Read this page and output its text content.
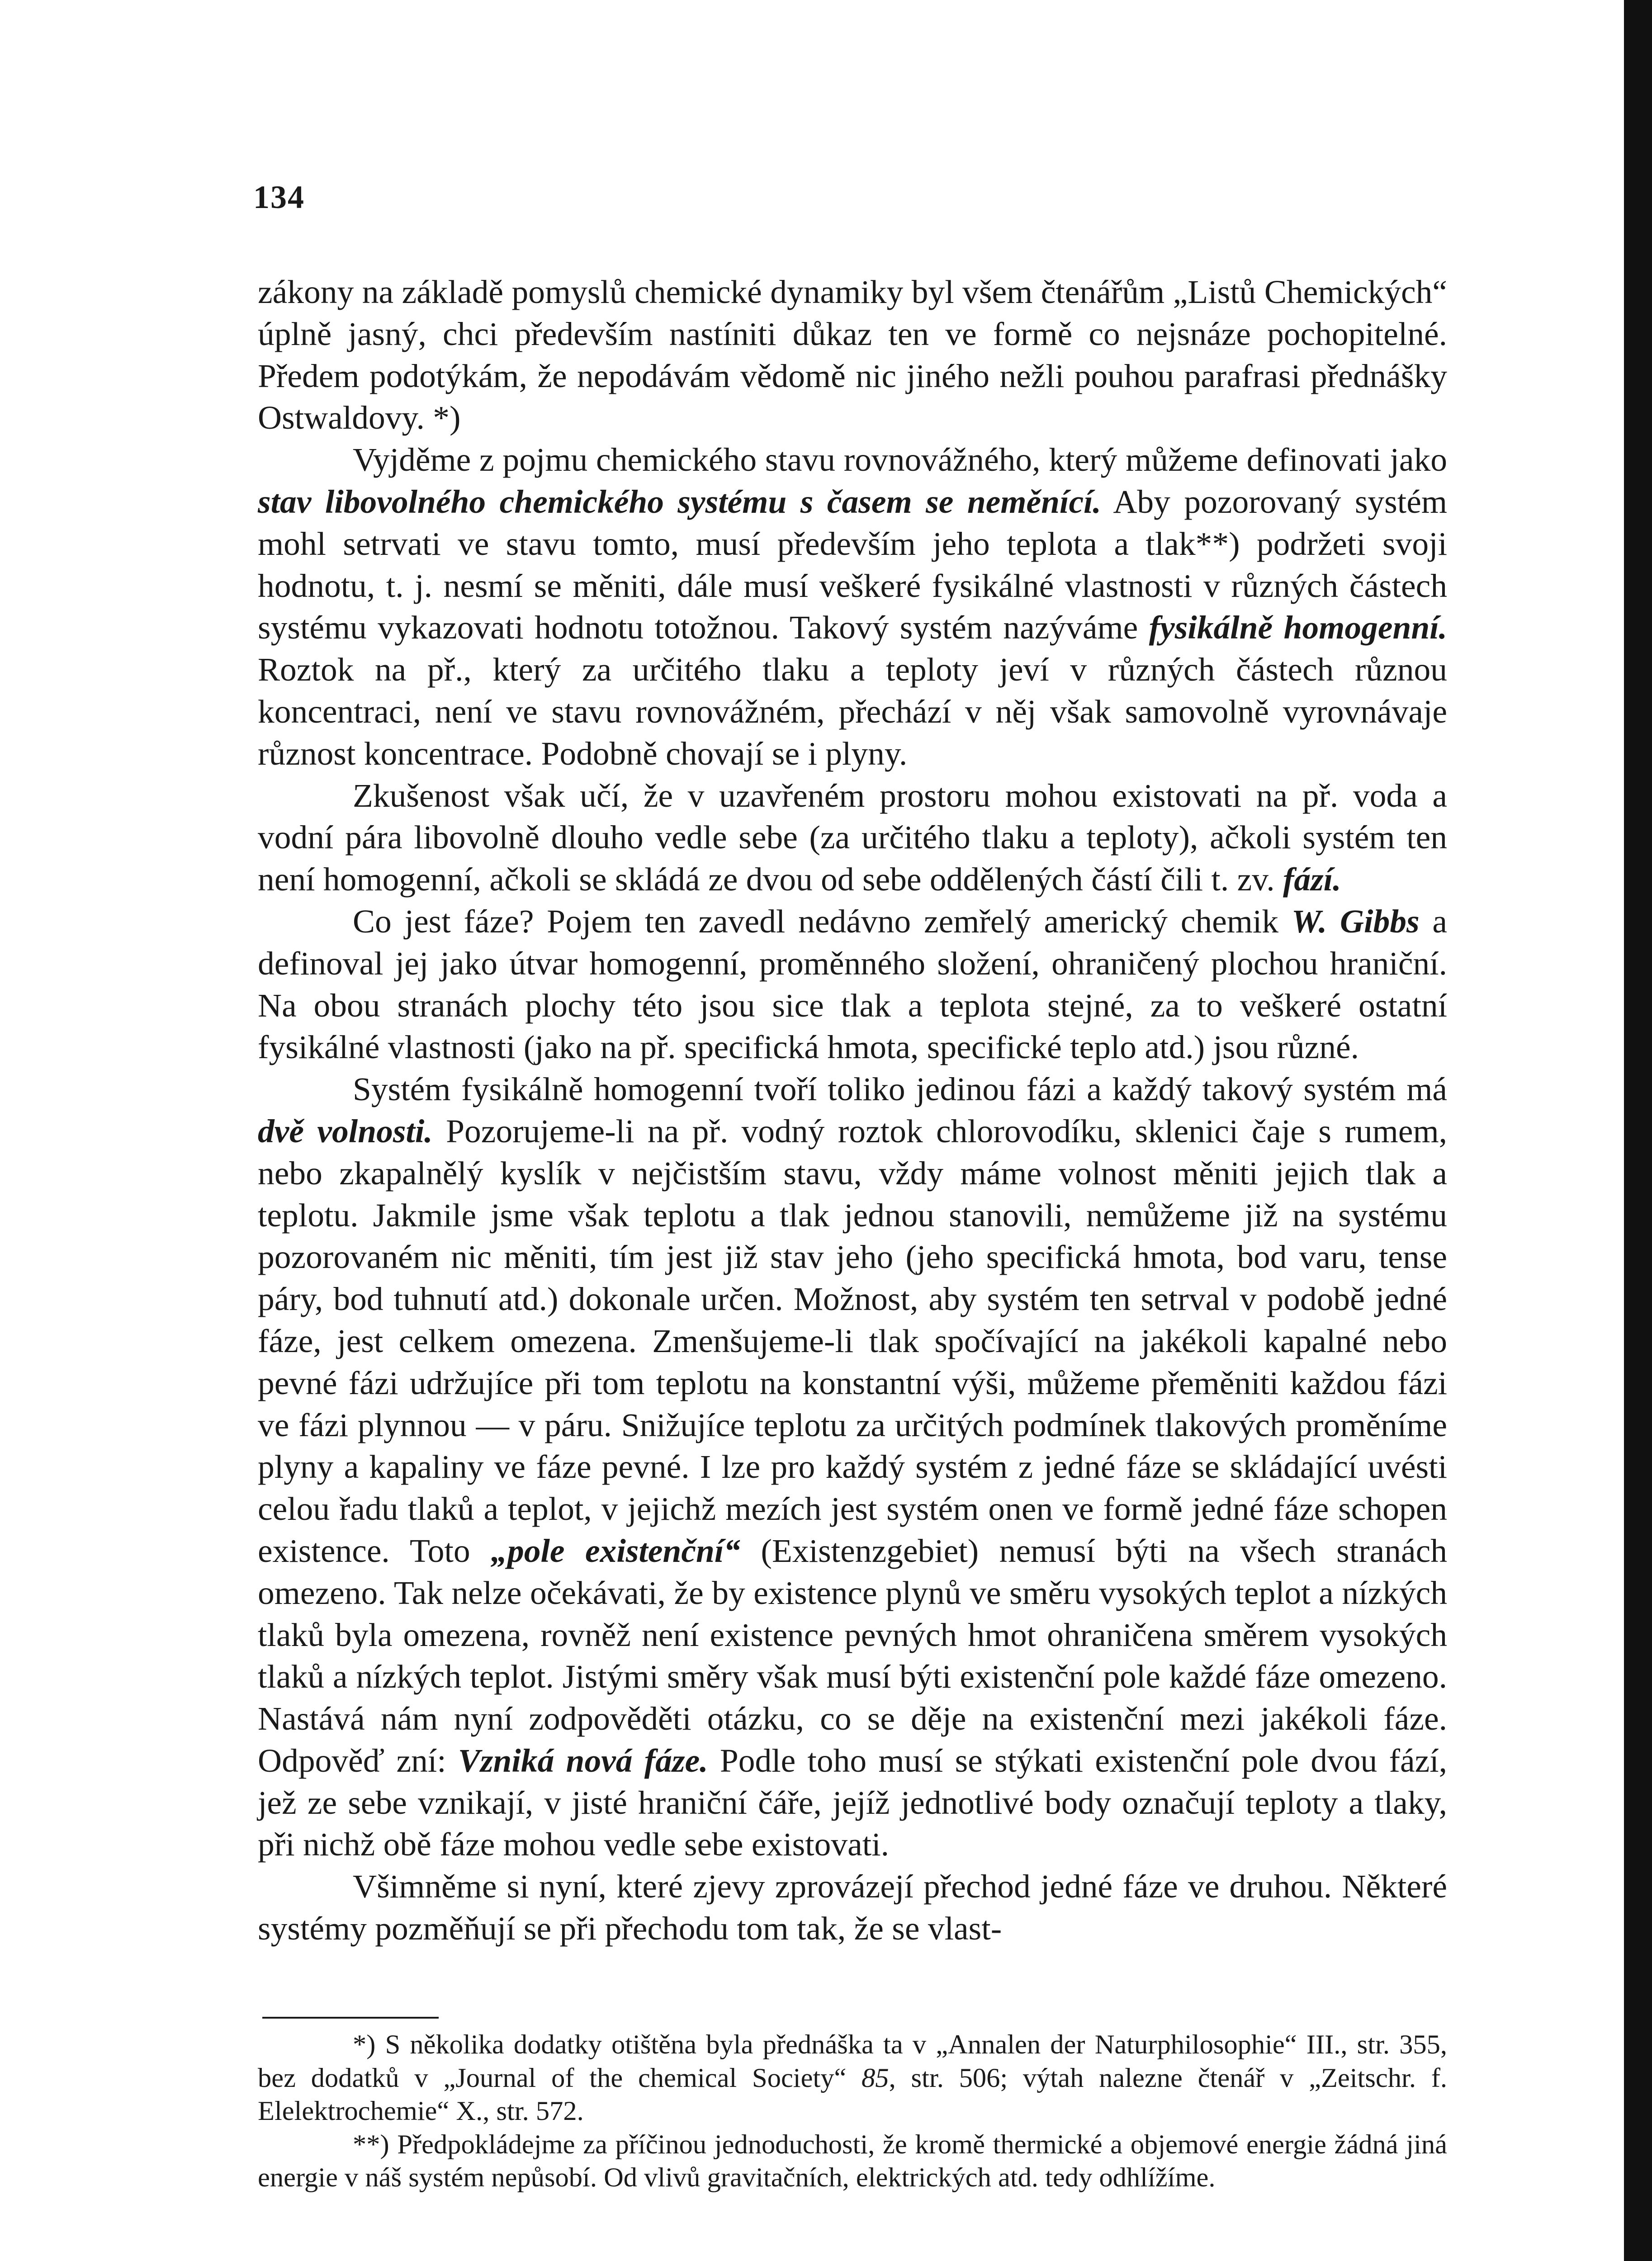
134

zákony na základě pomyslů chemické dynamiky byl všem čtenářům „Listů Chemických“ úplně jasný, chci především nastíniti důkaz ten ve formě co nejsnáze pochopitelné. Předem podotýkám, že nepodávám vědomě nic jiného nežli pouhou parafrasi přednášky Ostwaldovy. *)

Vyjděme z pojmu chemického stavu rovnovážného, který můžeme definovati jako stav libovolného chemického systému s časem se neměnící. Aby pozorovaný systém mohl setrvati ve stavu tomto, musí především jeho teplota a tlak**) podržeti svoji hodnotu, t. j. nesmí se měniti, dále musí veškeré fysikálné vlastnosti v různých částech systému vykazovati hodnotu totožnou. Takový systém nazýváme fysikálně homogenní. Roztok na př., který za určitého tlaku a teploty jeví v různých částech různou koncentraci, není ve stavu rovnovážném, přechází v něj však samovolně vyrovnávaje různost koncentrace. Podobně chovají se i plyny.

Zkušenost však učí, že v uzavřeném prostoru mohou existovati na př. voda a vodní pára libovolně dlouho vedle sebe (za určitého tlaku a teploty), ačkoli systém ten není homogenní, ačkoli se skládá ze dvou od sebe oddělených částí čili t. zv. fází.

Co jest fáze? Pojem ten zavedl nedávno zemřelý americký chemik W. Gibbs a definoval jej jako útvar homogenní, proměnného složení, ohraničený plochou hraniční. Na obou stranách plochy této jsou sice tlak a teplota stejné, za to veškeré ostatní fysikálné vlastnosti (jako na př. specifická hmota, specifické teplo atd.) jsou různé.

Systém fysikálně homogenní tvoří toliko jedinou fázi a každý takový systém má dvě volnosti. Pozorujeme-li na př. vodný roztok chlorovodíku, sklenici čaje s rumem, nebo zkapalnělý kyslík v nejčistším stavu, vždy máme volnost měniti jejich tlak a teplotu. Jakmile jsme však teplotu a tlak jednou stanovili, nemůžeme již na systému pozorovaném nic měniti, tím jest již stav jeho (jeho specifická hmota, bod varu, tense páry, bod tuhnutí atd.) dokonale určen. Možnost, aby systém ten setrval v podobě jedné fáze, jest celkem omezena. Zmenšujeme-li tlak spočívající na jakékoli kapalné nebo pevné fázi udržujíce při tom teplotu na konstantní výši, můžeme přeměniti každou fázi ve fázi plynnou — v páru. Snižujíce teplotu za určitých podmínek tlakových proměníme plyny a kapaliny ve fáze pevné. I lze pro každý systém z jedné fáze se skládající uvésti celou řadu tlaků a teplot, v jejichž mezích jest systém onen ve formě jedné fáze schopen existence. Toto „pole existenční“ (Existenzgebiet) nemusí býti na všech stranách omezeno. Tak nelze očekávati, že by existence plynů ve směru vysokých teplot a nízkých tlaků byla omezena, rovněž není existence pevných hmot ohraničena směrem vysokých tlaků a nízkých teplot. Jistými směry však musí býti existenční pole každé fáze omezeno. Nastává nám nyní zodpověděti otázku, co se děje na existenční mezi jakékoli fáze. Odpověď zní: Vzniká nová fáze. Podle toho musí se stýkati existenční pole dvou fází, jež ze sebe vznikají, v jisté hraniční čáře, jejíž jednotlivé body označují teploty a tlaky, při nichž obě fáze mohou vedle sebe existovati.

Všimněme si nyní, které zjevy zprovázejí přechod jedné fáze ve druhou. Některé systémy pozměňují se při přechodu tom tak, že se vlast-

*) S několika dodatky otištěna byla přednáška ta v „Annalen der Naturphilosophie“ III., str. 355, bez dodatků v „Journal of the chemical Society“ 85, str. 506; výtah nalezne čtenář v „Zeitschr. f. Elelektrochemie“ X., str. 572.

**) Předpokládejme za příčinou jednoduchosti, že kromě thermické a objemové energie žádná jiná energie v náš systém nepůsobí. Od vlivů gravitačních, elektrických atd. tedy odhlížíme.
